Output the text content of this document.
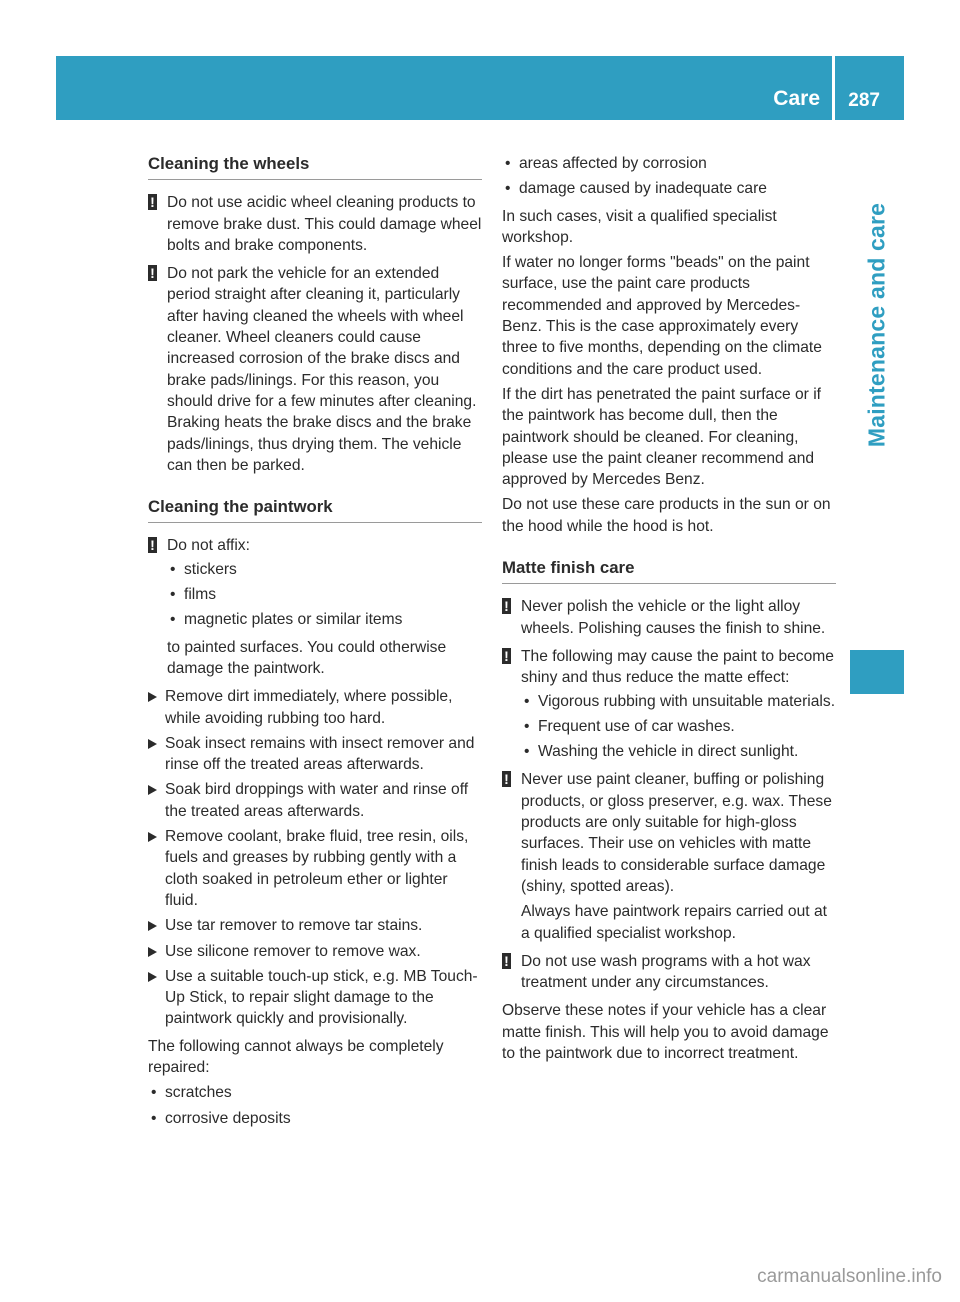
Care 287
Maintenance and care
Cleaning the wheels
! Do not use acidic wheel cleaning products to remove brake dust. This could damage wheel bolts and brake components.

! Do not park the vehicle for an extended period straight after cleaning it, particularly after having cleaned the wheels with wheel cleaner. Wheel cleaners could cause increased corrosion of the brake discs and brake pads/linings. For this reason, you should drive for a few minutes after cleaning. Braking heats the brake discs and the brake pads/linings, thus drying them. The vehicle can then be parked.

Cleaning the paintwork
! Do not affix:

• stickers
• films
• magnetic plates or similar items

to painted surfaces. You could otherwise damage the paintwork.

Remove dirt immediately, where possible, while avoiding rubbing too hard.
Soak insect remains with insect remover and rinse off the treated areas afterwards.
Soak bird droppings with water and rinse off the treated areas afterwards.
Remove coolant, brake fluid, tree resin, oils, fuels and greases by rubbing gently with a cloth soaked in petroleum ether or lighter fluid.
Use tar remover to remove tar stains.
Use silicone remover to remove wax.
Use a suitable touch-up stick, e.g. MB Touch-Up Stick, to repair slight damage to the paintwork quickly and provisionally.

The following cannot always be completely repaired:

• scratches
• corrosive deposits
• areas affected by corrosion
• damage caused by inadequate care

In such cases, visit a qualified specialist workshop.

If water no longer forms "beads" on the paint surface, use the paint care products recommended and approved by Mercedes-Benz. This is the case approximately every three to five months, depending on the climate conditions and the care product used.

If the dirt has penetrated the paint surface or if the paintwork has become dull, then the paintwork should be cleaned. For cleaning, please use the paint cleaner recommend and approved by Mercedes Benz.

Do not use these care products in the sun or on the hood while the hood is hot.

Matte finish care
! Never polish the vehicle or the light alloy wheels. Polishing causes the finish to shine.

! The following may cause the paint to become shiny and thus reduce the matte effect:

• Vigorous rubbing with unsuitable materials.
• Frequent use of car washes.
• Washing the vehicle in direct sunlight.
! Never use paint cleaner, buffing or polishing products, or gloss preserver, e.g. wax. These products are only suitable for high-gloss surfaces. Their use on vehicles with matte finish leads to considerable surface damage (shiny, spotted areas).

Always have paintwork repairs carried out at a qualified specialist workshop.

! Do not use wash programs with a hot wax treatment under any circumstances.

Observe these notes if your vehicle has a clear matte finish. This will help you to avoid damage to the paintwork due to incorrect treatment.

carmanualsonline.info
